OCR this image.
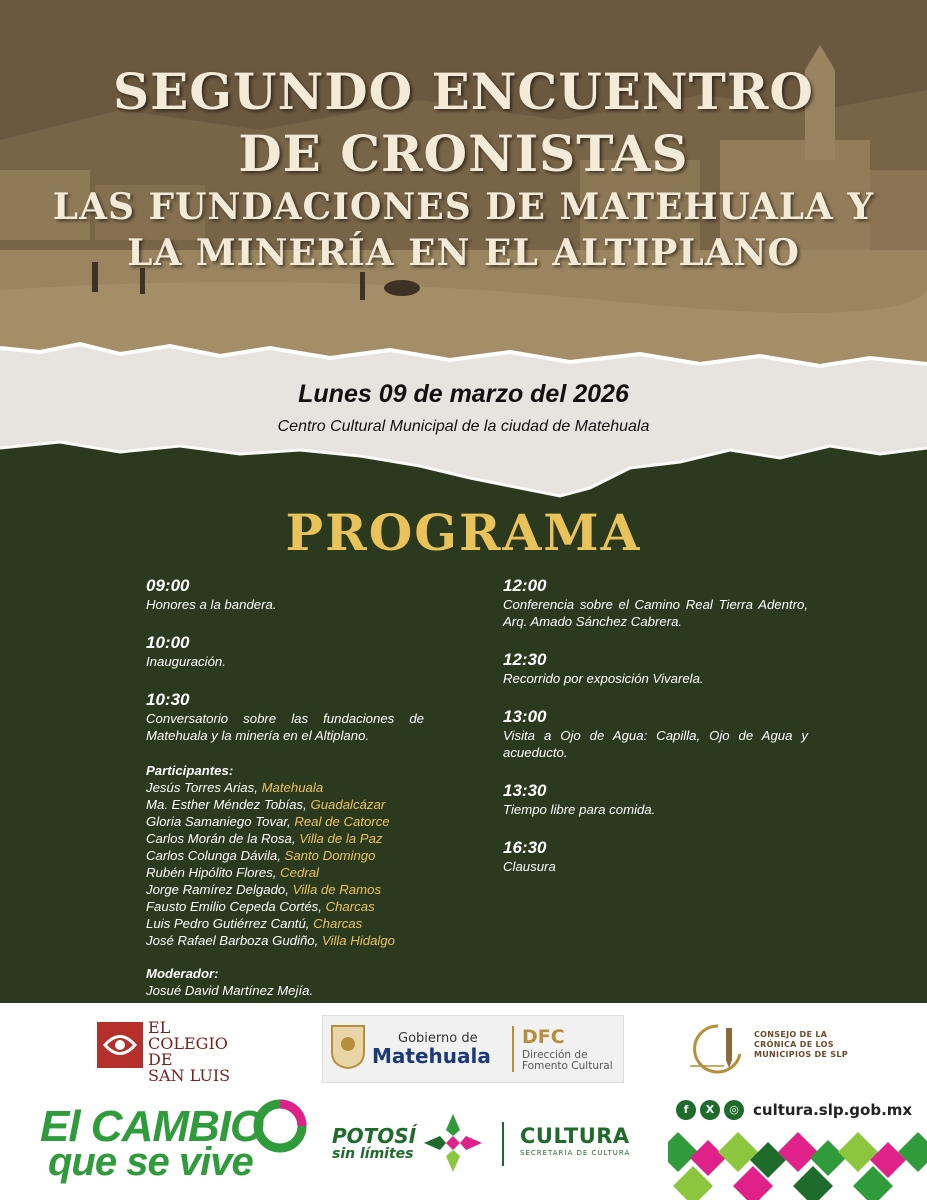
SEGUNDO ENCUENTRO
DE CRONISTAS
LAS FUNDACIONES DE MATEHUALA Y
LA MINERÍA EN EL ALTIPLANO
Lunes 09 de marzo del 2026
Centro Cultural Municipal de la ciudad de Matehuala
PROGRAMA
09:00
Honores a la bandera.
10:00
Inauguración.
10:30
Conversatorio sobre las fundaciones de Matehuala y la minería en el Altiplano.
Participantes:
Jesús Torres Arias, Matehuala
Ma. Esther Méndez Tobías, Guadalcázar
Gloria Samaniego Tovar, Real de Catorce
Carlos Morán de la Rosa, Villa de la Paz
Carlos Colunga Dávila, Santo Domingo
Rubén Hipólito Flores, Cedral
Jorge Ramírez Delgado, Villa de Ramos
Fausto Emilio Cepeda Cortés, Charcas
Luis Pedro Gutiérrez Cantú, Charcas
José Rafael Barboza Gudiño, Villa Hidalgo
Moderador:
Josué David Martínez Mejía.
12:00
Conferencia sobre el Camino Real Tierra Adentro, Arq. Amado Sánchez Cabrera.
12:30
Recorrido por exposición Vivarela.
13:00
Visita a Ojo de Agua: Capilla, Ojo de Agua y acueducto.
13:30
Tiempo libre para comida.
16:30
Clausura
EL
COLEGIO
DE
SAN LUIS
Gobierno de
Matehuala
DFC
Dirección de
Fomento Cultural
CONSEJO DE LA
CRÓNICA DE LOS
MUNICIPIOS DE SLP
El CAMBIO
que se vive
POTOSÍ
sin límites
CULTURA
SECRETARÍA DE CULTURA
f	X	◎ cultura.slp.gob.mx
